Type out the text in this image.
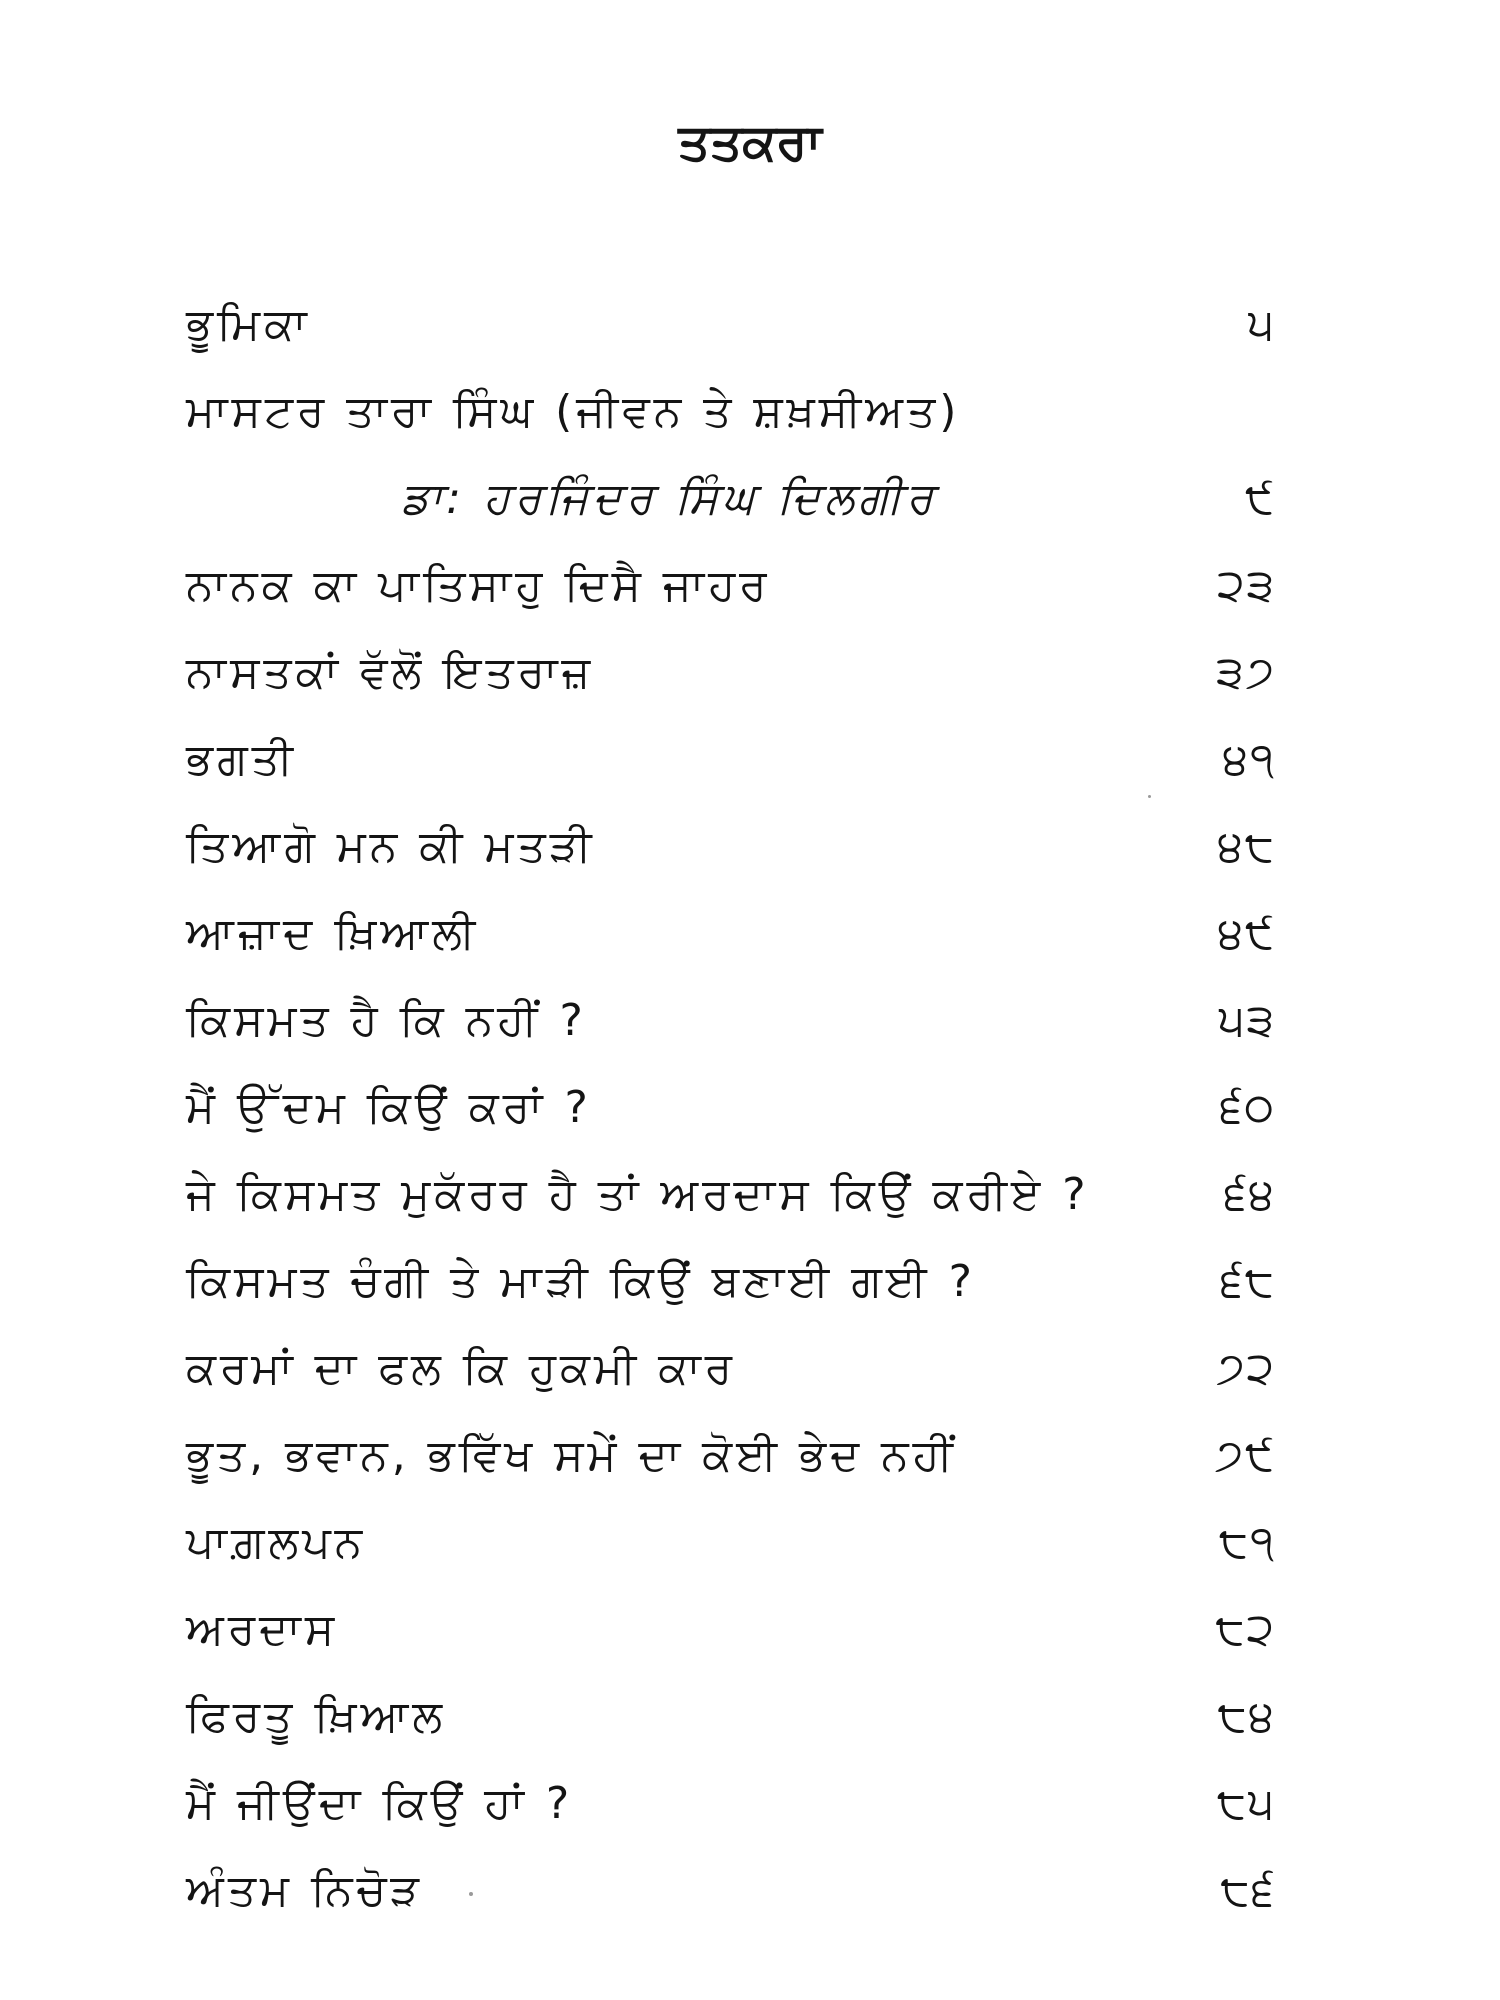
ਤਤਕਰਾ
ਭੂਮਿਕਾ	੫
ਮਾਸਟਰ ਤਾਰਾ ਸਿੰਘ (ਜੀਵਨ ਤੇ ਸ਼ਖ਼ਸੀਅਤ)
ਡਾ: ਹਰਜਿੰਦਰ ਸਿੰਘ ਦਿਲਗੀਰ	੯
ਨਾਨਕ ਕਾ ਪਾਤਿਸਾਹੁ ਦਿਸੈ ਜਾਹਰ	੨੩
ਨਾਸਤਕਾਂ ਵੱਲੋਂ ਇਤਰਾਜ਼	੩੭
ਭਗਤੀ	੪੧
ਤਿਆਗੋ ਮਨ ਕੀ ਮਤੜੀ	੪੮
ਆਜ਼ਾਦ ਖ਼ਿਆਲੀ	੪੯
ਕਿਸਮਤ ਹੈ ਕਿ ਨਹੀਂ ?	੫੩
ਮੈਂ ਉੱਦਮ ਕਿਉਂ ਕਰਾਂ ?	੬੦
ਜੇ ਕਿਸਮਤ ਮੁਕੱਰਰ ਹੈ ਤਾਂ ਅਰਦਾਸ ਕਿਉਂ ਕਰੀਏ ?	੬੪
ਕਿਸਮਤ ਚੰਗੀ ਤੇ ਮਾੜੀ ਕਿਉਂ ਬਣਾਈ ਗਈ ?	੬੮
ਕਰਮਾਂ ਦਾ ਫਲ ਕਿ ਹੁਕਮੀ ਕਾਰ	੭੨
ਭੂਤ, ਭਵਾਨ, ਭਵਿੱਖ ਸਮੇਂ ਦਾ ਕੋਈ ਭੇਦ ਨਹੀਂ	੭੯
ਪਾਗ਼ਲਪਨ	੮੧
ਅਰਦਾਸ	੮੨
ਫਿਰਤੂ ਖ਼ਿਆਲ	੮੪
ਮੈਂ ਜੀਉਂਦਾ ਕਿਉਂ ਹਾਂ ?	੮੫
ਅੰਤਮ ਨਿਚੋੜ	੮੬
